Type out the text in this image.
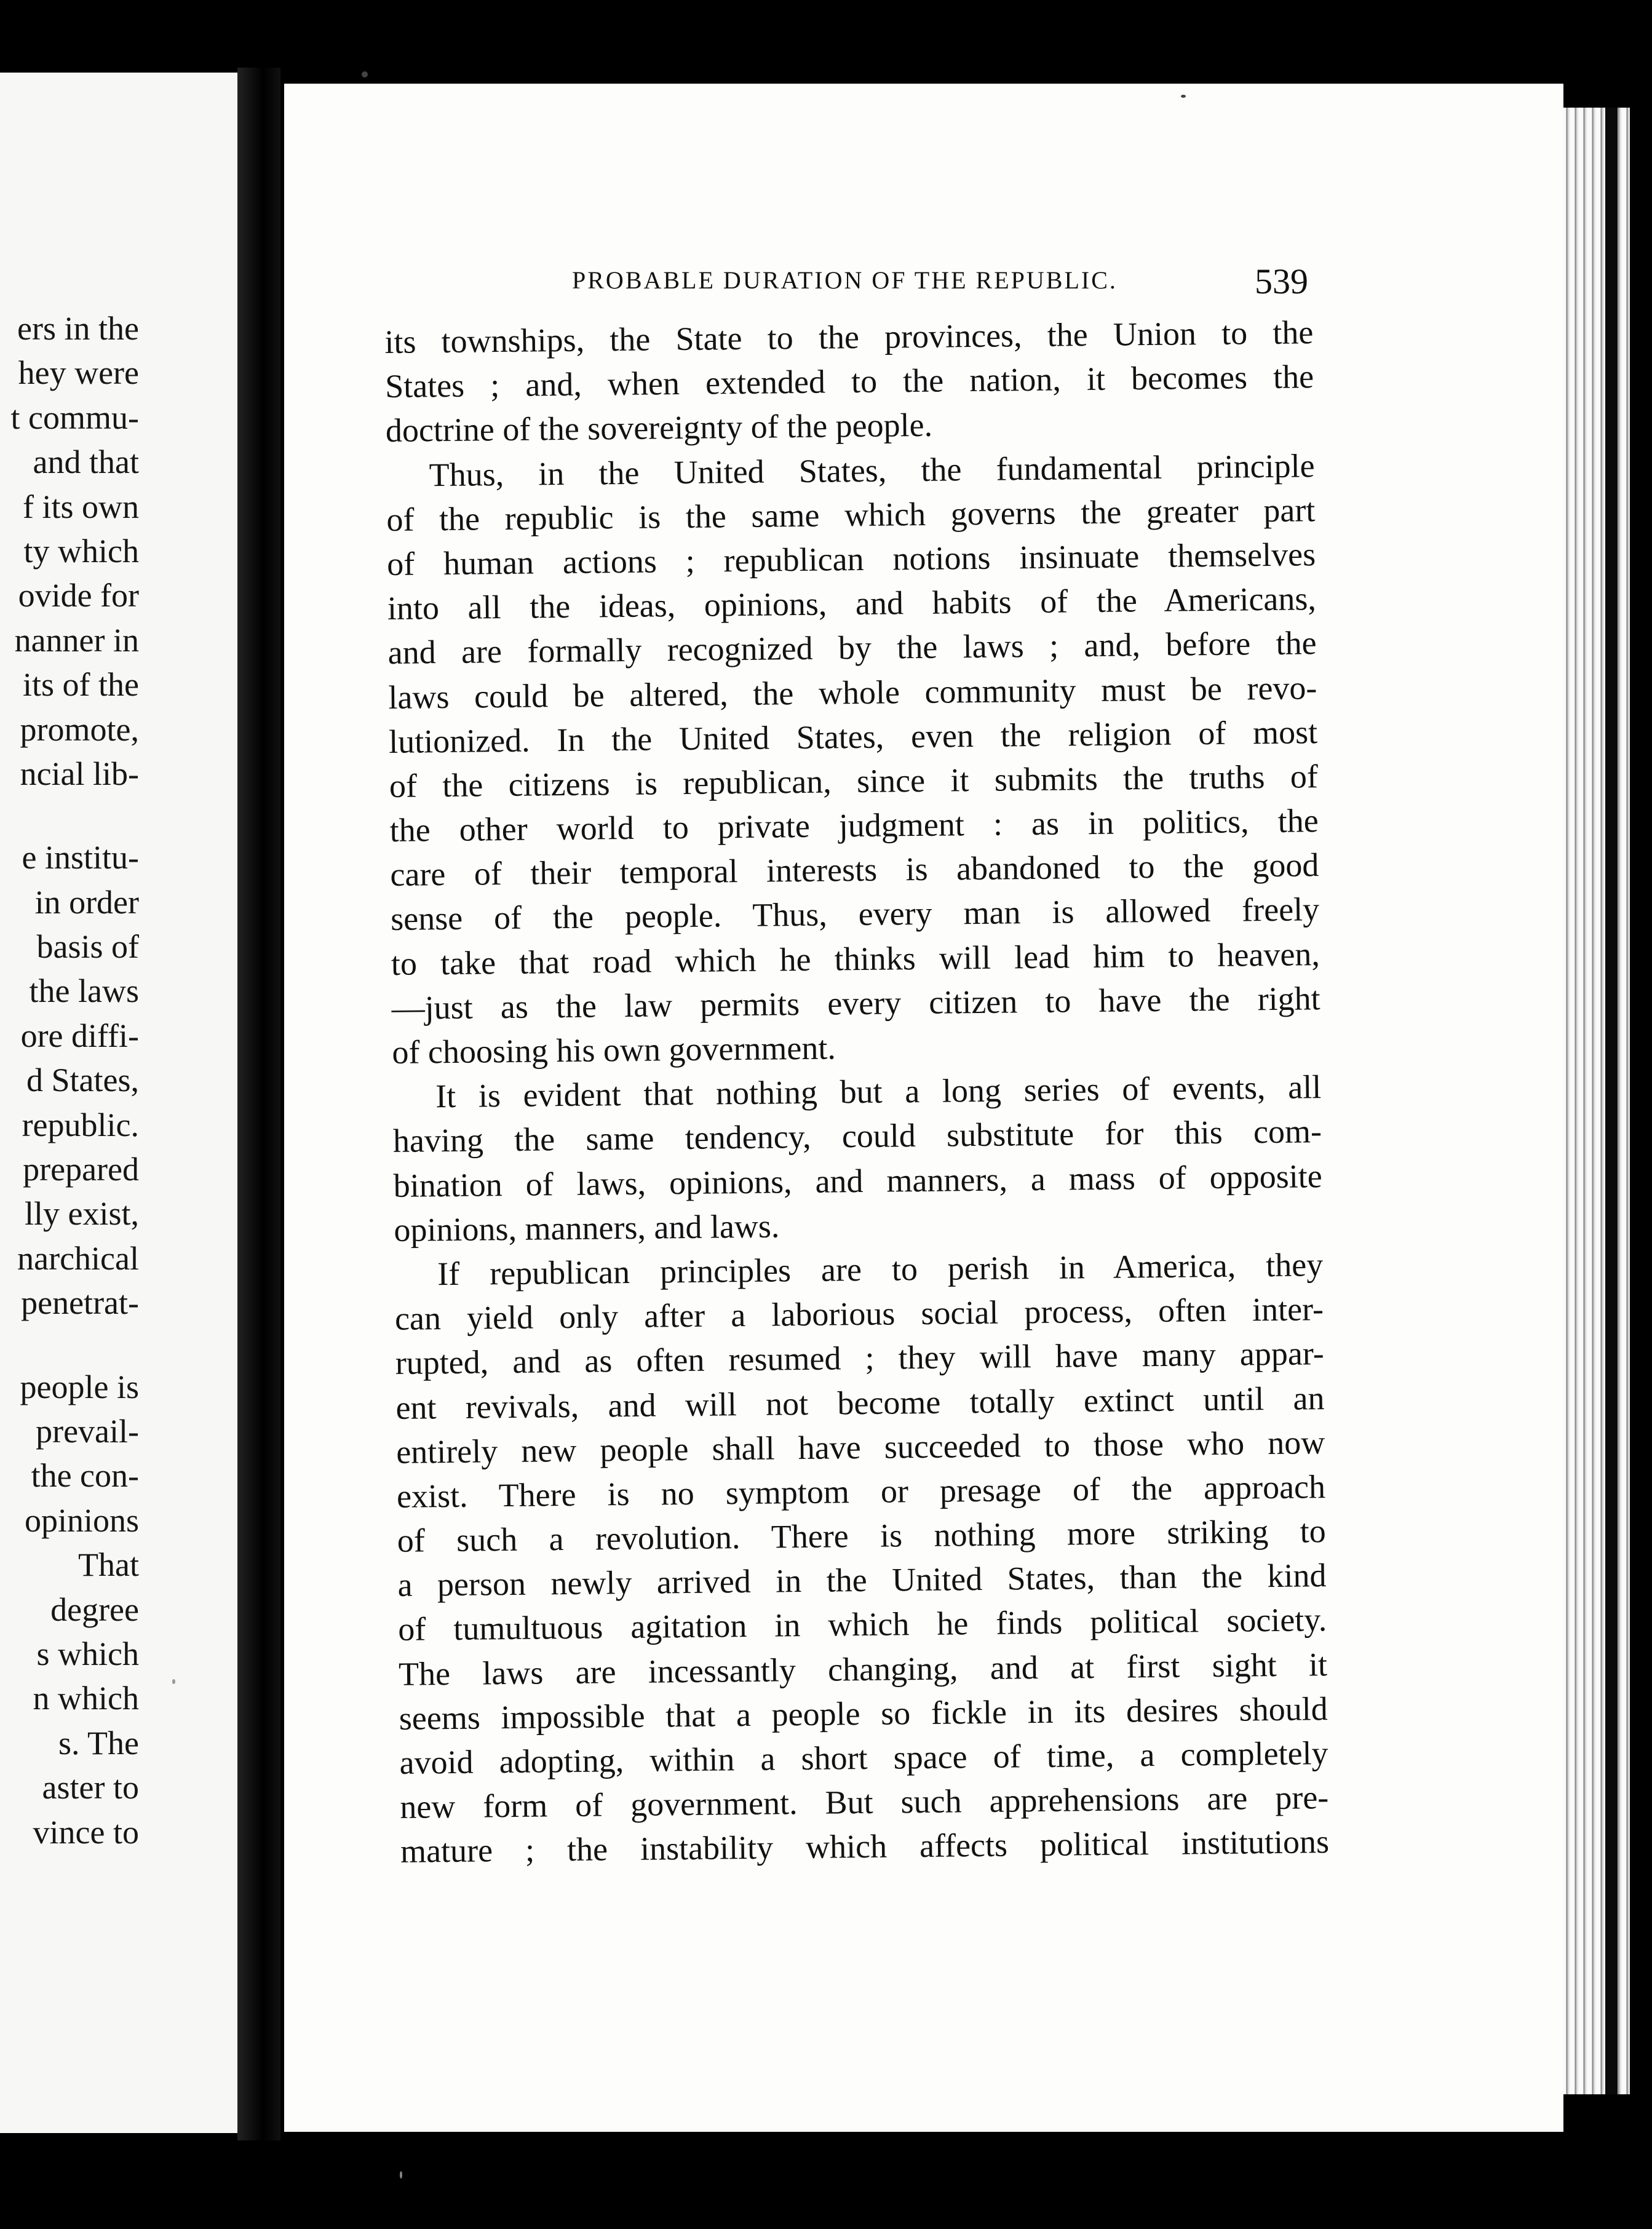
ers in the
hey were
t commu-
and that
f its own
ty which
ovide for
nanner in
its of the
promote,
ncial lib-
e institu-
in order
basis of
the laws
ore diffi-
d States,
republic.
prepared
lly exist,
narchical
penetrat-
people is
prevail-
the con-
opinions
That
degree
s which
n which
s. The
aster to
vince to
PROBABLE DURATION OF THE REPUBLIC.	539
its townships, the State to the provinces, the Union to the
States ; and, when extended to the nation, it becomes the
doctrine of the sovereignty of the people.
Thus, in the United States, the fundamental principle
of the republic is the same which governs the greater part
of human actions ; republican notions insinuate themselves
into all the ideas, opinions, and habits of the Americans,
and are formally recognized by the laws ; and, before the
laws could be altered, the whole community must be revo-
lutionized. In the United States, even the religion of most
of the citizens is republican, since it submits the truths of
the other world to private judgment : as in politics, the
care of their temporal interests is abandoned to the good
sense of the people. Thus, every man is allowed freely
to take that road which he thinks will lead him to heaven,
—just as the law permits every citizen to have the right
of choosing his own government.
It is evident that nothing but a long series of events, all
having the same tendency, could substitute for this com-
bination of laws, opinions, and manners, a mass of opposite
opinions, manners, and laws.
If republican principles are to perish in America, they
can yield only after a laborious social process, often inter-
rupted, and as often resumed ; they will have many appar-
ent revivals, and will not become totally extinct until an
entirely new people shall have succeeded to those who now
exist. There is no symptom or presage of the approach
of such a revolution. There is nothing more striking to
a person newly arrived in the United States, than the kind
of tumultuous agitation in which he finds political society.
The laws are incessantly changing, and at first sight it
seems impossible that a people so fickle in its desires should
avoid adopting, within a short space of time, a completely
new form of government. But such apprehensions are pre-
mature ; the instability which affects political institutions
